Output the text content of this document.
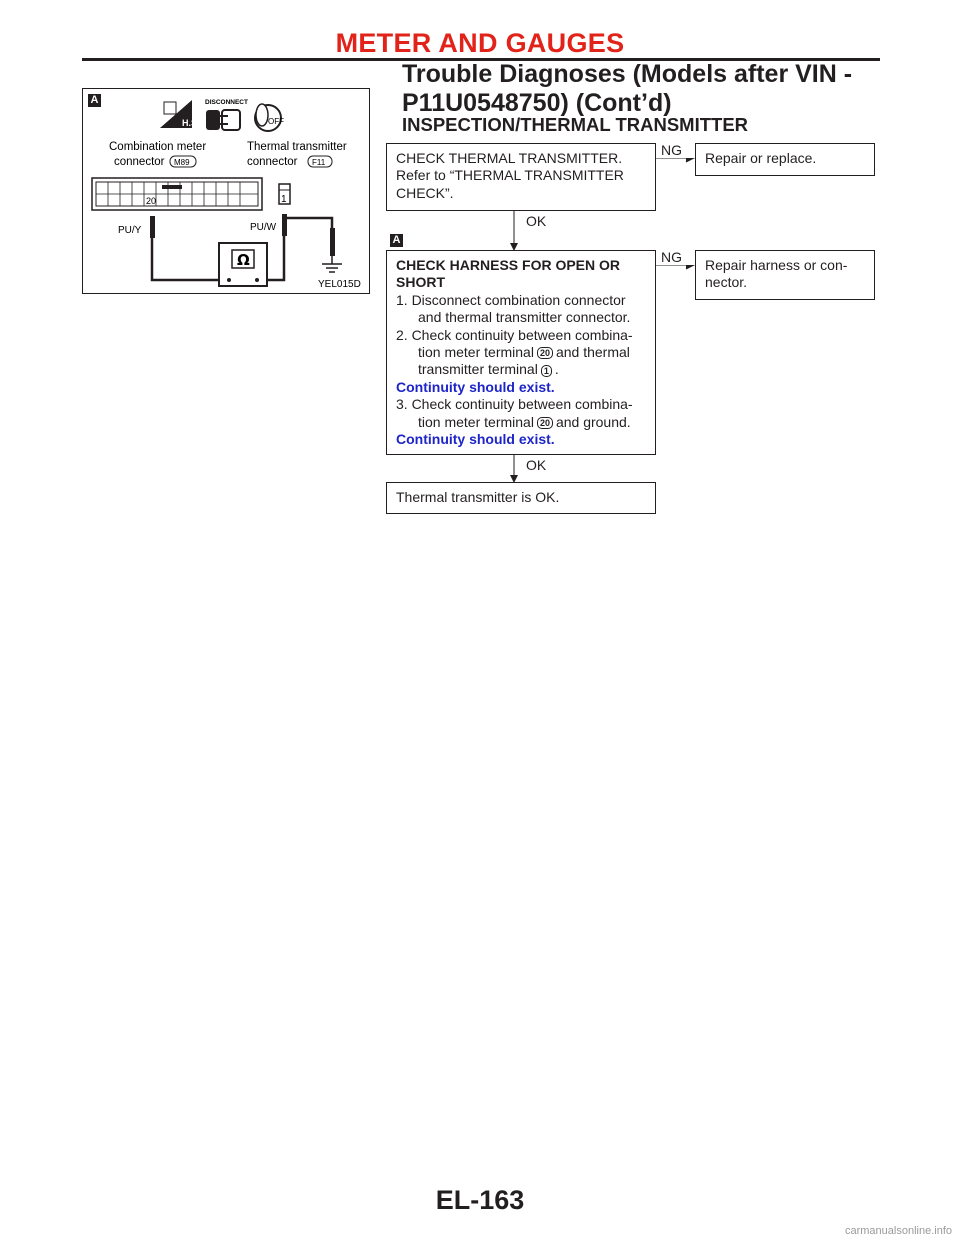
METER AND GAUGES
Trouble Diagnoses (Models after VIN -
P11U0548750) (Cont’d)
INSPECTION/THERMAL TRANSMITTER
A
H.S.
DISCONNECT
OFF
Combination meter
connector M89
Thermal transmitter
connector F11
20	1
PU/Y	PU/W
Ω
YEL015D
CHECK THERMAL TRANSMITTER.
Refer to “THERMAL TRANSMITTER
CHECK”.
NG Repair or replace.
OK
A
CHECK HARNESS FOR OPEN OR
SHORT
1. Disconnect combination connector
and thermal transmitter connector.
2. Check continuity between combina-
tion meter terminal 20 and thermal
transmitter terminal 1 .
Continuity should exist.
3. Check continuity between combina-
tion meter terminal 20 and ground.
Continuity should exist.
NG Repair harness or con-
nector.
OK
Thermal transmitter is OK.
EL-163
carmanualsonline.info
